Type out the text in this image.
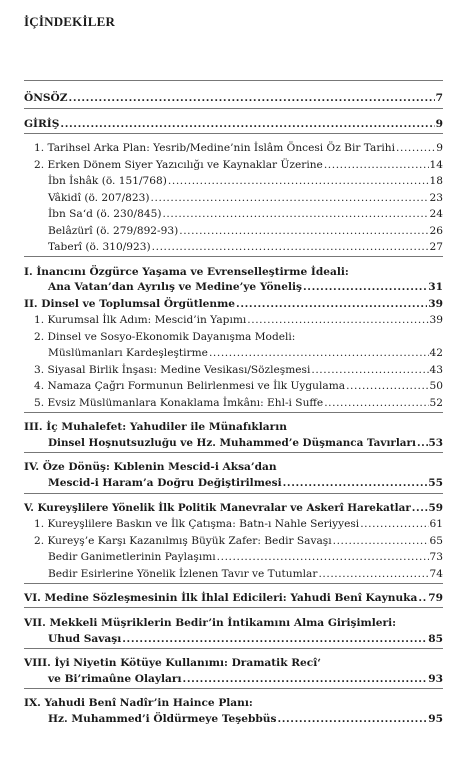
İÇİNDEKİLER
ÖNSÖZ .....	7
GİRİŞ .....	9
1. Tarihsel Arka Plan: Yesrib/Medine’nin İslâm Öncesi Öz Bir Tarihi .....	9
2. Erken Dönem Siyer Yazıcılığı ve Kaynaklar Üzerine .....	14
İbn İshâk (ö. 151/768) .....	18
Vâkidî (ö. 207/823) .....	23
İbn Sa‘d (ö. 230/845) .....	24
Belâzürî (ö. 279/892-93) .....	26
Taberî (ö. 310/923) .....	27
I. İnancını Özgürce Yaşama ve Evrenselleştirme İdeali:
Ana Vatan’dan Ayrılış ve Medine’ye Yöneliş .....	31
II. Dinsel ve Toplumsal Örgütlenme .....	39
1. Kurumsal İlk Adım: Mescid’in Yapımı .....	39
2. Dinsel ve Sosyo-Ekonomik Dayanışma Modeli:
Müslümanları Kardeşleştirme .....	42
3. Siyasal Birlik İnşası: Medine Vesikası/Sözleşmesi .....	43
4. Namaza Çağrı Formunun Belirlenmesi ve İlk Uygulama .....	50
5. Evsiz Müslümanlara Konaklama İmkânı: Ehl-i Suffe .....	52
III. İç Muhalefet: Yahudiler ile Münafıkların
Dinsel Hoşnutsuzluğu ve Hz. Muhammed’e Düşmanca Tavırları ..... 53
IV. Öze Dönüş: Kıblenin Mescid-i Aksa’dan
Mescid-i Haram’a Doğru Değiştirilmesi .....	55
V. Kureyşlilere Yönelik İlk Politik Manevralar ve Askerî Harekatlar ..... 59
1. Kureyşlilere Baskın ve İlk Çatışma: Batn-ı Nahle Seriyyesi .....	61
2. Kureyş’e Karşı Kazanılmış Büyük Zafer: Bedir Savaşı .....	65
Bedir Ganimetlerinin Paylaşımı .....	73
Bedir Esirlerine Yönelik İzlenen Tavır ve Tutumlar .....	74
VI. Medine Sözleşmesinin İlk İhlal Edicileri: Yahudi Benî Kaynuka ..... 79
VII. Mekkeli Müşriklerin Bedir’in İntikamını Alma Girişimleri:
Uhud Savaşı .....	85
VIII. İyi Niyetin Kötüye Kullanımı: Dramatik Recî‘
ve Bi’rimaûne Olayları .....	93
IX. Yahudi Benî Nadîr’in Haince Planı:
Hz. Muhammed’i Öldürmeye Teşebbüs .....	95
